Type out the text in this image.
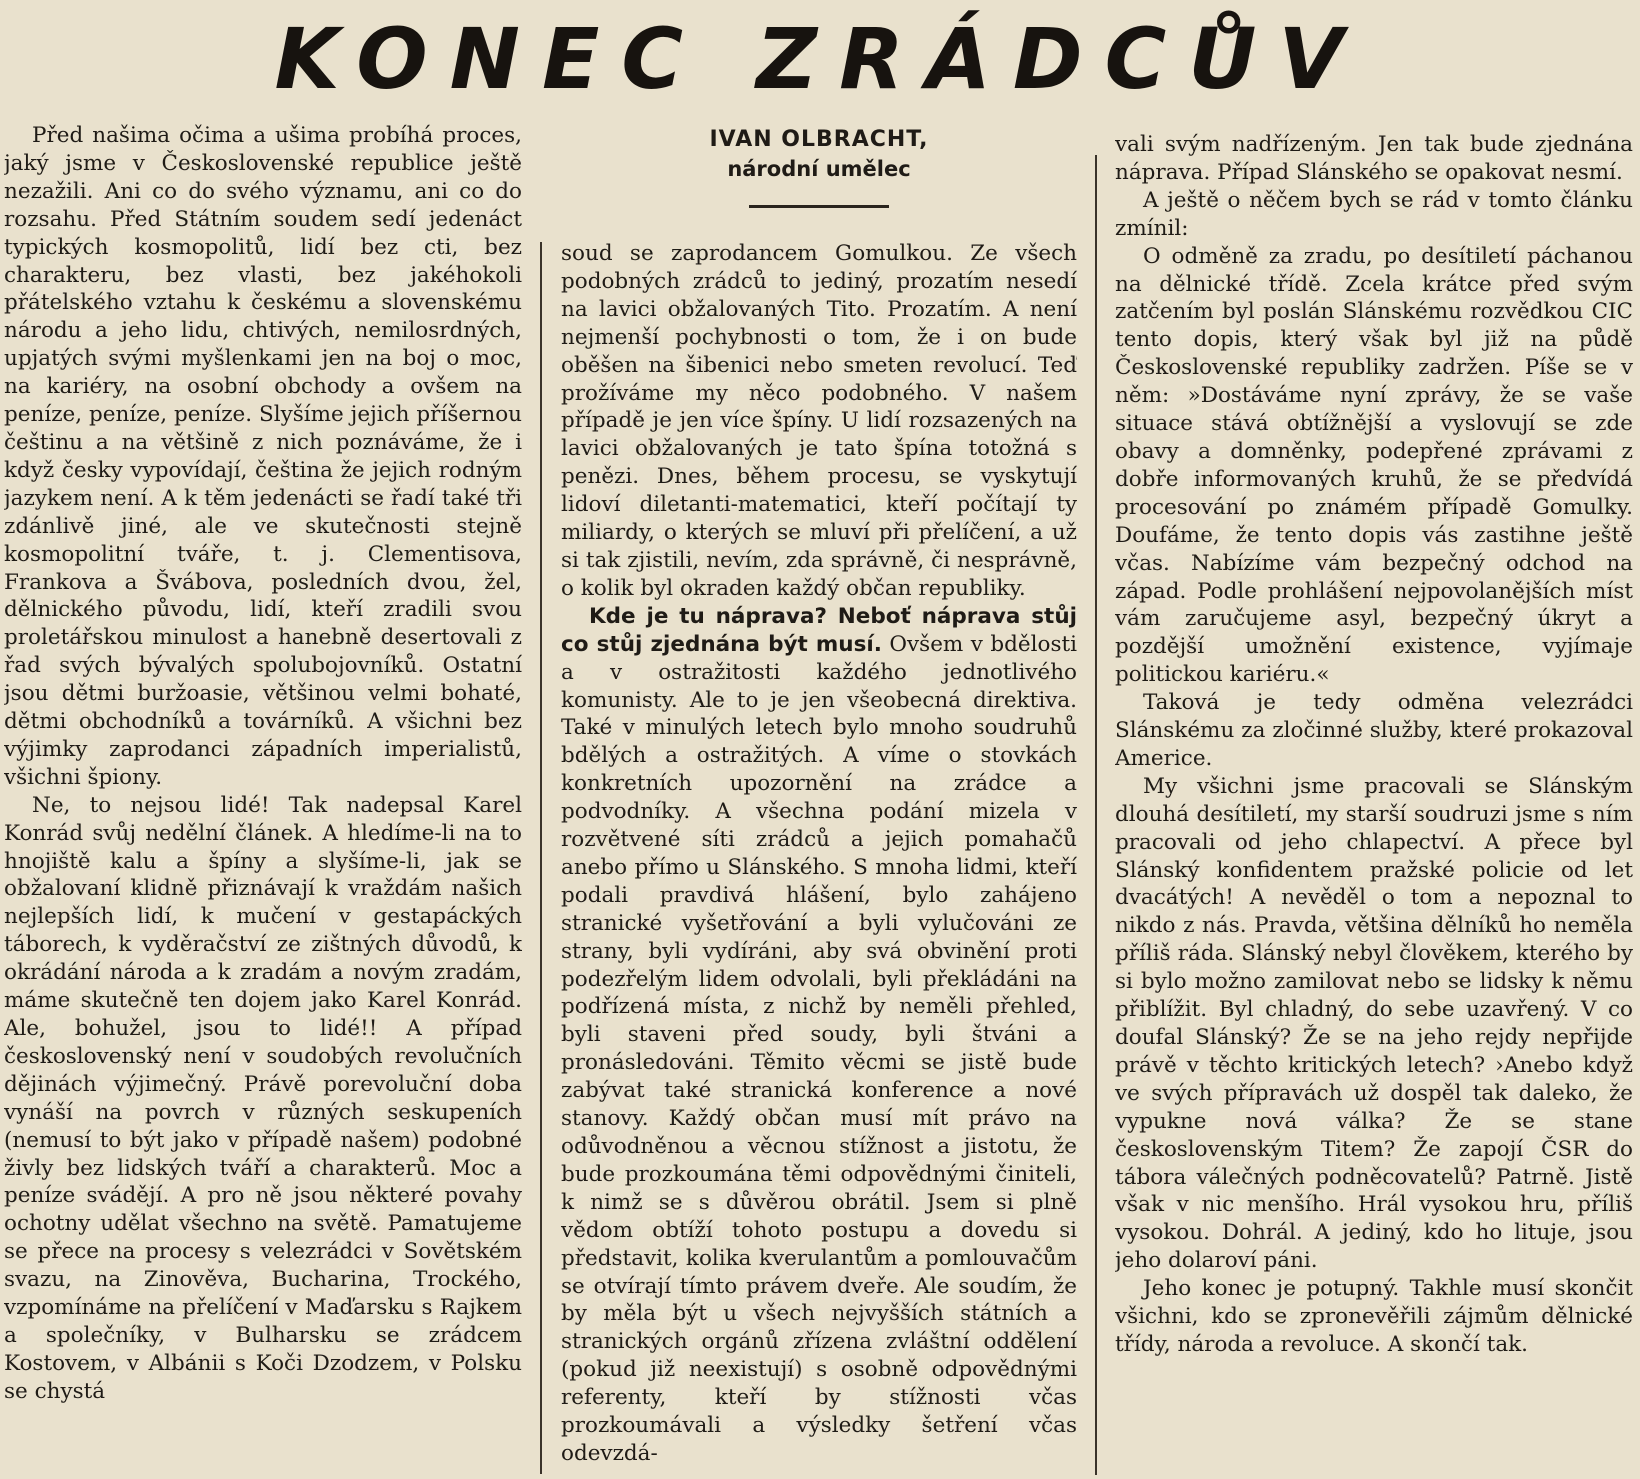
KONEC ZRÁDCŮV
IVAN OLBRACHT,
národní umělec

Před našima očima a ušima probíhá proces, jaký jsme v Československé republice ještě nezažili. Ani co do svého významu, ani co do rozsahu. Před Státním soudem sedí jedenáct typických kosmopolitů, lidí bez cti, bez charakteru, bez vlasti, bez jakéhokoli přátelského vztahu k českému a slovenskému národu a jeho lidu, chtivých, nemilosrdných, upjatých svými myšlenkami jen na boj o moc, na kariéry, na osobní obchody a ovšem na peníze, peníze, peníze. Slyšíme jejich příšernou češtinu a na většině z nich poznáváme, že i když česky vypovídají, čeština že jejich rodným jazykem není. A k těm jedenácti se řadí také tři zdánlivě jiné, ale ve skutečnosti stejně kosmopolitní tváře, t. j. Clementisova, Frankova a Švábova, posledních dvou, žel, dělnického původu, lidí, kteří zradili svou proletářskou minulost a hanebně desertovali z řad svých bývalých spolubojovníků. Ostatní jsou dětmi buržoasie, většinou velmi bohaté, dětmi obchodníků a továrníků. A všichni bez výjimky zaprodanci západních imperialistů, všichni špiony.

Ne, to nejsou lidé! Tak nadepsal Karel Konrád svůj nedělní článek. A hledíme-li na to hnojiště kalu a špíny a slyšíme-li, jak se obžalovaní klidně přiznávají k vraždám našich nejlepších lidí, k mučení v gestapáckých táborech, k vyděračství ze zištných důvodů, k okrádání národa a k zradám a novým zradám, máme skutečně ten dojem jako Karel Konrád. Ale, bohužel, jsou to lidé!! A případ československý není v soudobých revolučních dějinách výjimečný. Právě porevoluční doba vynáší na povrch v různých seskupeních (nemusí to být jako v případě našem) podobné živly bez lidských tváří a charakterů. Moc a peníze svádějí. A pro ně jsou některé povahy ochotny udělat všechno na světě. Pamatujeme se přece na procesy s velezrádci v Sovětském svazu, na Zinověva, Bucharina, Trockého, vzpomínáme na přelíčení v Maďarsku s Rajkem a společníky, v Bulharsku se zrádcem Kostovem, v Albánii s Koči Dzodzem, v Polsku se chystá

soud se zaprodancem Gomulkou. Ze všech podobných zrádců to jediný, prozatím nesedí na lavici obžalovaných Tito. Prozatím. A není nejmenší pochybnosti o tom, že i on bude oběšen na šibenici nebo smeten revolucí. Teď prožíváme my něco podobného. V našem případě je jen více špíny. U lidí rozsazených na lavici obžalovaných je tato špína totožná s penězi. Dnes, během procesu, se vyskytují lidoví diletanti-matematici, kteří počítají ty miliardy, o kterých se mluví při přelíčení, a už si tak zjistili, nevím, zda správně, či nesprávně, o kolik byl okraden každý občan republiky.

Kde je tu náprava? Neboť náprava stůj co stůj zjednána být musí. Ovšem v bdělosti a v ostražitosti každého jednotlivého komunisty. Ale to je jen všeobecná direktiva. Také v minulých letech bylo mnoho soudruhů bdělých a ostražitých. A víme o stovkách konkretních upozornění na zrádce a podvodníky. A všechna podání mizela v rozvětvené síti zrádců a jejich pomahačů anebo přímo u Slánského. S mnoha lidmi, kteří podali pravdivá hlášení, bylo zahájeno stranické vyšetřování a byli vylučováni ze strany, byli vydíráni, aby svá obvinění proti podezřelým lidem odvolali, byli překládáni na podřízená místa, z nichž by neměli přehled, byli staveni před soudy, byli štváni a pronásledováni. Těmito věcmi se jistě bude zabývat také stranická konference a nové stanovy. Každý občan musí mít právo na odůvodněnou a věcnou stížnost a jistotu, že bude prozkoumána těmi odpovědnými činiteli, k nimž se s důvěrou obrátil. Jsem si plně vědom obtíží tohoto postupu a dovedu si představit, kolika kverulantům a pomlouvačům se otvírají tímto právem dveře. Ale soudím, že by měla být u všech nejvyšších státních a stranických orgánů zřízena zvláštní oddělení (pokud již neexistují) s osobně odpovědnými referenty, kteří by stížnosti včas prozkoumávali a výsledky šetření včas odevzdá-

vali svým nadřízeným. Jen tak bude zjednána náprava. Případ Slánského se opakovat nesmí.

A ještě o něčem bych se rád v tomto článku zmínil:

O odměně za zradu, po desítiletí páchanou na dělnické třídě. Zcela krátce před svým zatčením byl poslán Slánskému rozvědkou CIC tento dopis, který však byl již na půdě Československé republiky zadržen. Píše se v něm: »Dostáváme nyní zprávy, že se vaše situace stává obtížnější a vyslovují se zde obavy a domněnky, podepřené zprávami z dobře informovaných kruhů, že se předvídá procesování po známém případě Gomulky. Doufáme, že tento dopis vás zastihne ještě včas. Nabízíme vám bezpečný odchod na západ. Podle prohlášení nejpovolanějších míst vám zaručujeme asyl, bezpečný úkryt a pozdější umožnění existence, vyjímaje politickou kariéru.«

Taková je tedy odměna velezrádci Slánskému za zločinné služby, které prokazoval Americe.

My všichni jsme pracovali se Slánským dlouhá desítiletí, my starší soudruzi jsme s ním pracovali od jeho chlapectví. A přece byl Slánský konfidentem pražské policie od let dvacátých! A nevěděl o tom a nepoznal to nikdo z nás. Pravda, většina dělníků ho neměla příliš ráda. Slánský nebyl člověkem, kterého by si bylo možno zamilovat nebo se lidsky k němu přiblížit. Byl chladný, do sebe uzavřený. V co doufal Slánský? Že se na jeho rejdy nepřijde právě v těchto kritických letech? ›Anebo když ve svých přípravách už dospěl tak daleko, že vypukne nová válka? Že se stane československým Titem? Že zapojí ČSR do tábora válečných podněcovatelů? Patrně. Jistě však v nic menšího. Hrál vysokou hru, příliš vysokou. Dohrál. A jediný, kdo ho lituje, jsou jeho dolaroví páni.

Jeho konec je potupný. Takhle musí skončit všichni, kdo se zpronevěřili zájmům dělnické třídy, národa a revoluce. A skončí tak.
